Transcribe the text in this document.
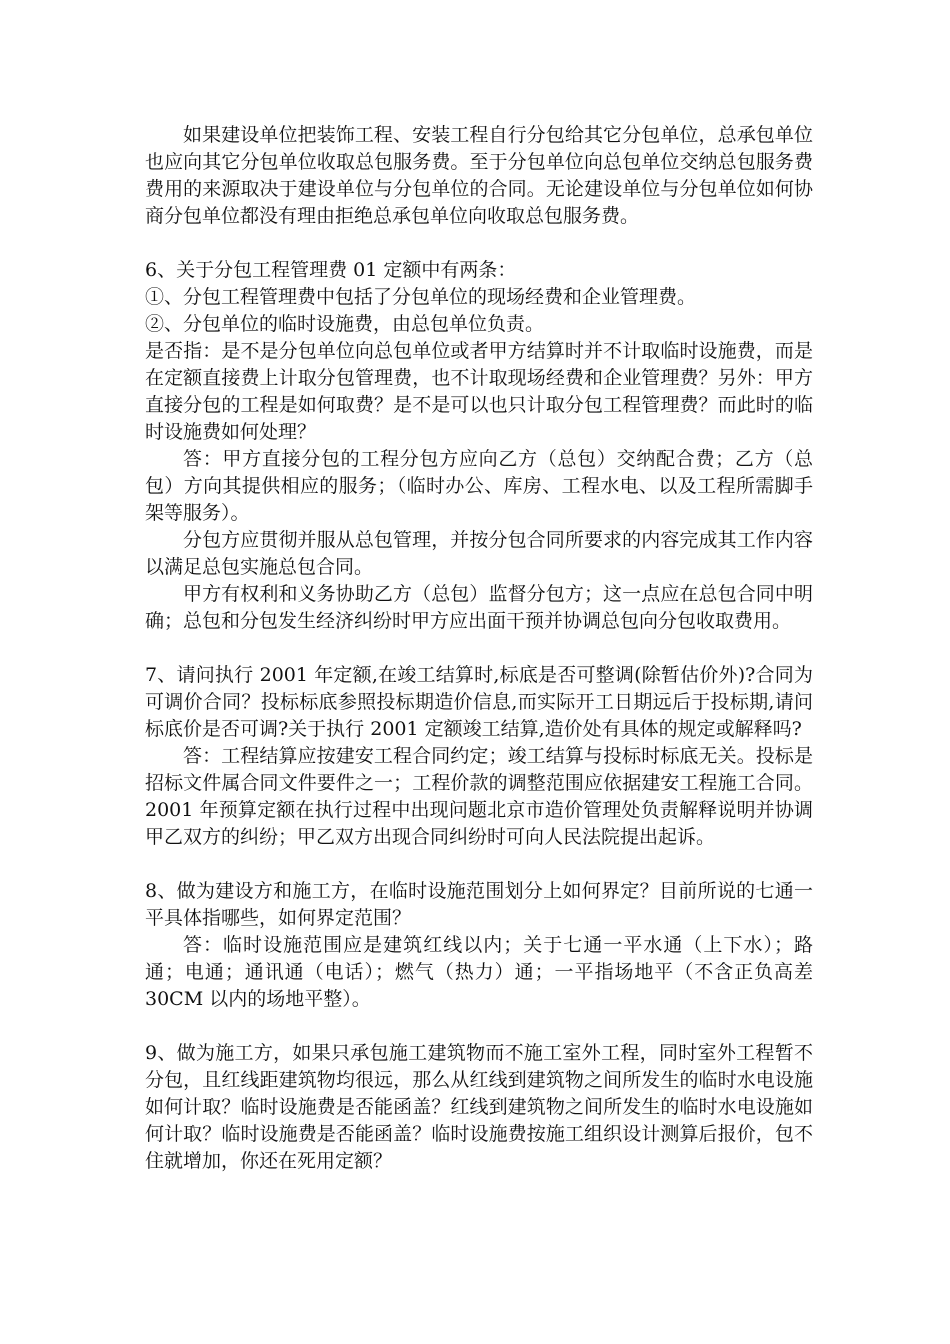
如果建设单位把装饰工程、安装工程自行分包给其它分包单位，总承包单位也应向其它分包单位收取总包服务费。至于分包单位向总包单位交纳总包服务费费用的来源取决于建设单位与分包单位的合同。无论建设单位与分包单位如何协商分包单位都没有理由拒绝总承包单位向收取总包服务费。

6、关于分包工程管理费 01 定额中有两条：

①、分包工程管理费中包括了分包单位的现场经费和企业管理费。

②、分包单位的临时设施费，由总包单位负责。

是否指：是不是分包单位向总包单位或者甲方结算时并不计取临时设施费，而是在定额直接费上计取分包管理费，也不计取现场经费和企业管理费？另外：甲方直接分包的工程是如何取费？是不是可以也只计取分包工程管理费？而此时的临时设施费如何处理？

答：甲方直接分包的工程分包方应向乙方（总包）交纳配合费；乙方（总包）方向其提供相应的服务；（临时办公、库房、工程水电、以及工程所需脚手架等服务）。

分包方应贯彻并服从总包管理，并按分包合同所要求的内容完成其工作内容以满足总包实施总包合同。

甲方有权利和义务协助乙方（总包）监督分包方；这一点应在总包合同中明确；总包和分包发生经济纠纷时甲方应出面干预并协调总包向分包收取费用。

7、请问执行 2001 年定额,在竣工结算时,标底是否可整调(除暂估价外)?合同为可调价合同？投标标底参照投标期造价信息,而实际开工日期远后于投标期,请问标底价是否可调?关于执行 2001 定额竣工结算,造价处有具体的规定或解释吗?

答：工程结算应按建安工程合同约定；竣工结算与投标时标底无关。投标是招标文件属合同文件要件之一；工程价款的调整范围应依据建安工程施工合同。2001 年预算定额在执行过程中出现问题北京市造价管理处负责解释说明并协调甲乙双方的纠纷；甲乙双方出现合同纠纷时可向人民法院提出起诉。

8、做为建设方和施工方，在临时设施范围划分上如何界定？目前所说的七通一平具体指哪些，如何界定范围？

答：临时设施范围应是建筑红线以内；关于七通一平水通（上下水）；路通；电通；通讯通（电话）；燃气（热力）通；一平指场地平（不含正负高差 30CM 以内的场地平整）。

9、做为施工方，如果只承包施工建筑物而不施工室外工程，同时室外工程暂不分包，且红线距建筑物均很远，那么从红线到建筑物之间所发生的临时水电设施如何计取？临时设施费是否能函盖？红线到建筑物之间所发生的临时水电设施如何计取？临时设施费是否能函盖？临时设施费按施工组织设计测算后报价，包不住就增加，你还在死用定额？
